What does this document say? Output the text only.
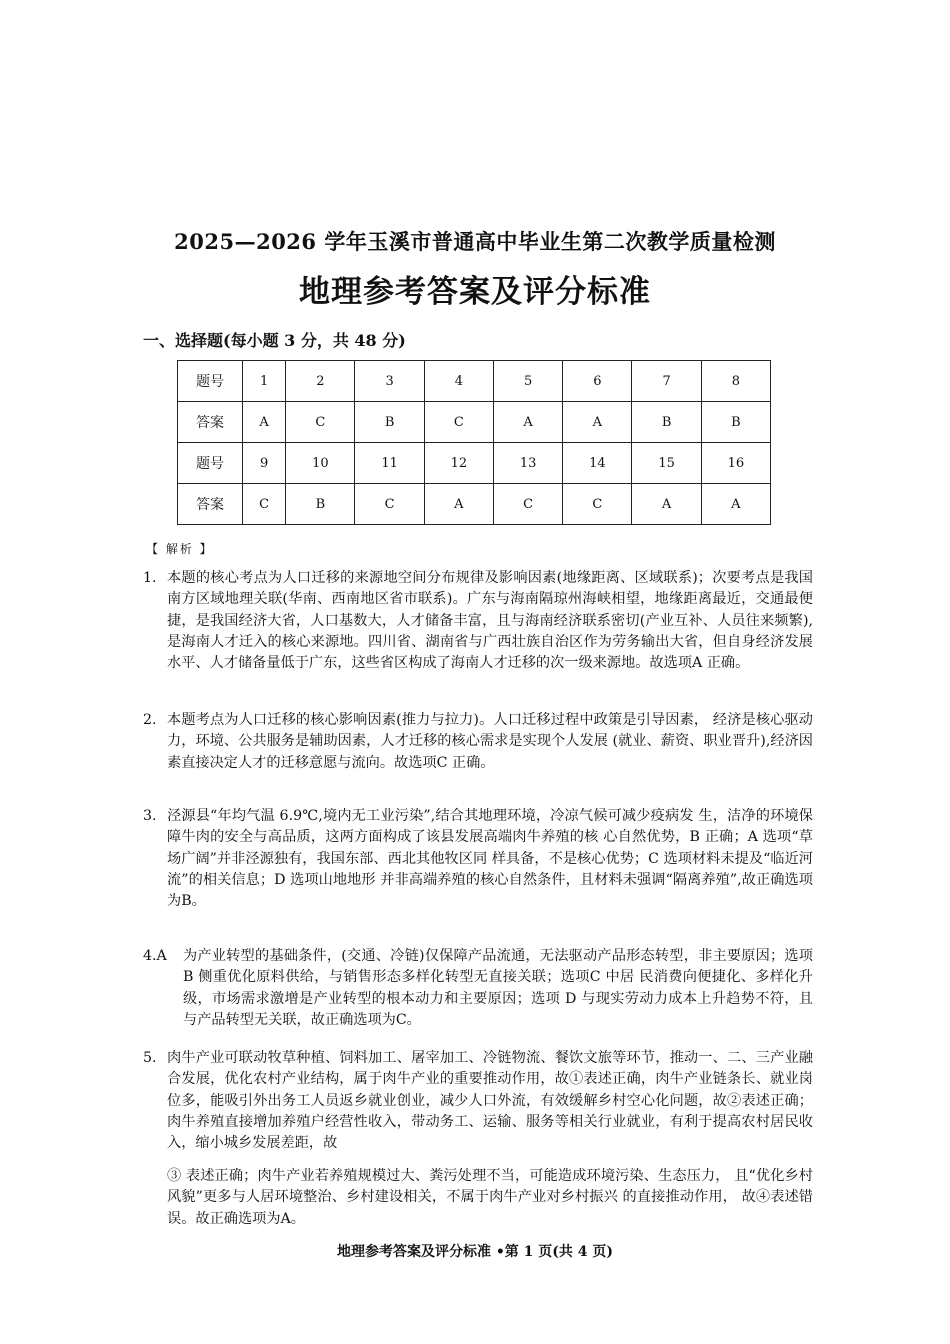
2025—2026 学年玉溪市普通高中毕业生第二次教学质量检测
地理参考答案及评分标准
一、选择题(每小题 3 分，共 48 分)
题号	1	2	3	4	5	6	7	8
答案	A	C	B	C	A	A	B	B
题号	9	10	11	12	13	14	15	16
答案	C	B	C	A	C	C	A	A
【 解析 】
1. 本题的核心考点为人口迁移的来源地空间分布规律及影响因素(地缘距离、区域联系)；次要考点是我国南方区域地理关联(华南、西南地区省市联系)。广东与海南隔琼州海峡相望，地缘距离最近，交通最便捷，是我国经济大省，人口基数大，人才储备丰富，且与海南经济联系密切(产业互补、人员往来频繁),是海南人才迁入的核心来源地。四川省、湖南省与广西壮族自治区作为劳务输出大省，但自身经济发展水平、人才储备量低于广东，这些省区构成了海南人才迁移的次一级来源地。故选项A 正确。
2. 本题考点为人口迁移的核心影响因素(推力与拉力)。人口迁移过程中政策是引导因素， 经济是核心驱动力，环境、公共服务是辅助因素，人才迁移的核心需求是实现个人发展 (就业、薪资、职业晋升),经济因素直接决定人才的迁移意愿与流向。故选项C 正确。
3. 泾源县“年均气温 6.9℃,境内无工业污染”,结合其地理环境，冷凉气候可减少疫病发 生，洁净的环境保障牛肉的安全与高品质，这两方面构成了该县发展高端肉牛养殖的核 心自然优势，B 正确；A 选项“草场广阔”并非泾源独有，我国东部、西北其他牧区同 样具备，不是核心优势；C 选项材料未提及“临近河流”的相关信息；D 选项山地地形 并非高端养殖的核心自然条件，且材料未强调“隔离养殖”,故正确选项为B。
4.A 为产业转型的基础条件，(交通、冷链)仅保障产品流通，无法驱动产品形态转型，非主要原因；选项B 侧重优化原料供给，与销售形态多样化转型无直接关联；选项C 中居 民消费向便捷化、多样化升级，市场需求激增是产业转型的根本动力和主要原因；选项 D 与现实劳动力成本上升趋势不符，且与产品转型无关联，故正确选项为C。
5. 肉牛产业可联动牧草种植、饲料加工、屠宰加工、冷链物流、餐饮文旅等环节，推动一、二、三产业融合发展，优化农村产业结构，属于肉牛产业的重要推动作用，故①表述正确，肉牛产业链条长、就业岗位多，能吸引外出务工人员返乡就业创业，减少人口外流，有效缓解乡村空心化问题，故②表述正确；肉牛养殖直接增加养殖户经营性收入，带动务工、运输、服务等相关行业就业，有利于提高农村居民收入，缩小城乡发展差距，故
③ 表述正确；肉牛产业若养殖规模过大、粪污处理不当，可能造成环境污染、生态压力， 且“优化乡村风貌”更多与人居环境整治、乡村建设相关，不属于肉牛产业对乡村振兴 的直接推动作用， 故④表述错误。故正确选项为A。
地理参考答案及评分标准 •第 1 页(共 4 页)
